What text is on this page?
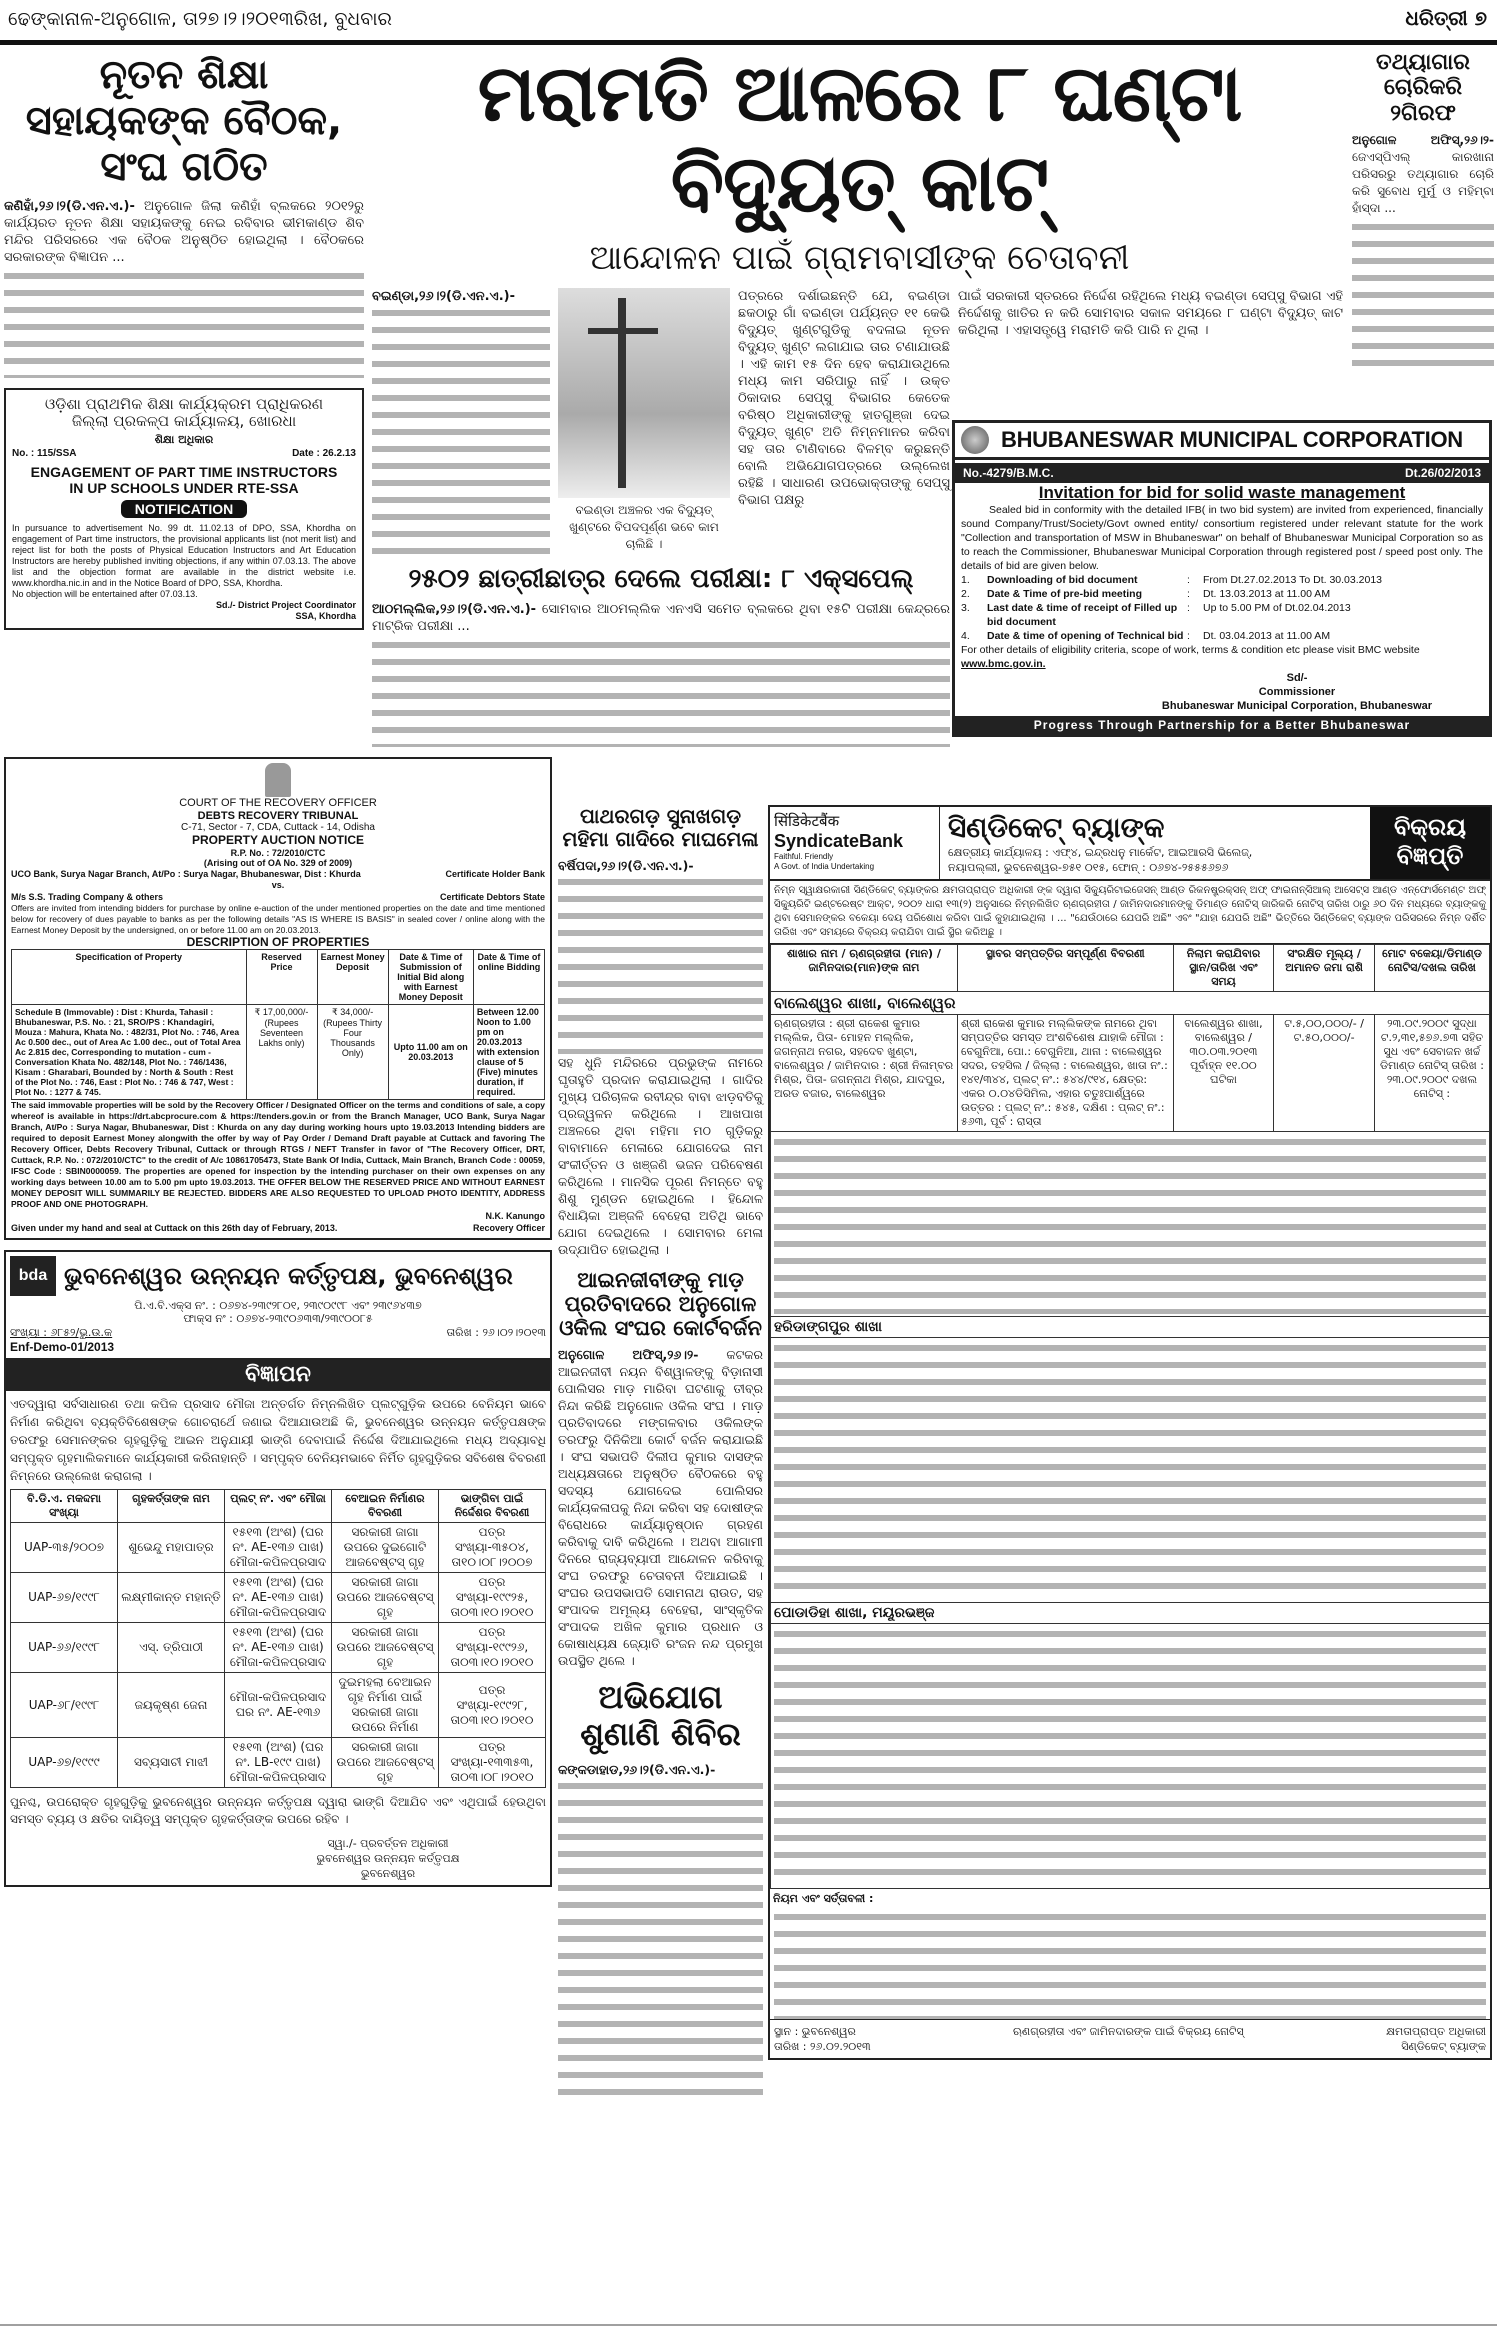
ଢେଙ୍କାନାଳ-ଅନୁଗୋଳ, ତା୨୭।୨।୨୦୧୩ରିଖ, ବୁଧବାର	ଧରିତ୍ରୀ ୭
ନୂତନ ଶିକ୍ଷା ସହାୟକଙ୍କ ବୈଠକ, ସଂଘ ଗଠିତ
କଣିହାଁ,୨୬।୨(ଡି.ଏନ.ଏ.)- ଅନୁଗୋଳ ଜିଲା କଣିହାଁ ବ୍ଲକରେ ୨୦୧୨ରୁ କାର୍ଯ୍ୟରତ ନୂତନ ଶିକ୍ଷା ସହାୟକଙ୍କୁ ନେଇ ରବିବାର ଭୀମକାଣ୍ଡ ଶିବ ମନ୍ଦିର ପରିସରରେ ଏକ ବୈଠକ ଅନୁଷ୍ଠିତ ହୋଇଥିଲା । ବୈଠକରେ ସରକାରଙ୍କ ବିଜ୍ଞାପନ ...
ଓଡ଼ିଶା ପ୍ରାଥମିକ ଶିକ୍ଷା କାର୍ଯ୍ୟକ୍ରମ ପ୍ରାଧିକରଣ
ଜିଲ୍ଲା ପ୍ରକଳ୍ପ କାର୍ଯ୍ୟାଳୟ, ଖୋରଧା
ଶିକ୍ଷା ଅଧିକାର
No. : 115/SSA	Date : 26.2.13
ENGAGEMENT OF PART TIME INSTRUCTORS
IN UP SCHOOLS UNDER RTE-SSA
NOTIFICATION
In pursuance to advertisement No. 99 dt. 11.02.13 of DPO, SSA, Khordha on engagement of Part time instructors, the provisional applicants list (not merit list) and reject list for both the posts of Physical Education Instructors and Art Education Instructors are hereby published inviting objections, if any within 07.03.13. The above list and the objection format are available in the district website i.e. www.khordha.nic.in and in the Notice Board of DPO, SSA, Khordha.
No objection will be entertained after 07.03.13.
Sd./- District Project Coordinator
SSA, Khordha
ମରାମତି ଆଳରେ ୮ ଘଣ୍ଟା ବିଦ୍ୟୁତ୍ କାଟ୍
ଆନ୍ଦୋଳନ ପାଇଁ ଗ୍ରାମବାସୀଙ୍କ ଚେତାବନୀ
ବଇଣ୍ଡା,୨୬।୨(ଡି.ଏନ.ଏ.)-
ବଇଣ୍ଡା ଅଞ୍ଚଳର ଏକ ବିଦ୍ୟୁତ୍ ଖୁଣ୍ଟରେ ବିପଦପୂର୍ଣ୍ଣ ଭବେ କାମ ଚାଲିଛି ।
ପତ୍ରରେ ଦର୍ଶାଇଛନ୍ତି ଯେ, ବଇଣ୍ଡା ଛକଠାରୁ ଗାଁ ବଇଣ୍ଡା ପର୍ଯ୍ୟନ୍ତ ୧୧ କେଭି ବିଦ୍ୟୁତ୍ ଖୁଣ୍ଟଗୁଡିକୁ ବଦଳାଇ ନୂତନ ବିଦ୍ୟୁତ୍ ଖୁଣ୍ଟ ଲଗାଯାଇ ତାର ଟଣାଯାଉଛି । ଏହି କାମ ୧୫ ଦିନ ହେବ କରାଯାଉଥିଲେ ମଧ୍ୟ କାମ ସରିପାରୁ ନାହିଁ । ଉକ୍ତ ଠିକାଦାର ସେପ୍ସୁ ବିଭାଗର କେତେକ ବରିଷ୍ଠ ଅଧିକାରୀଙ୍କୁ ହାତଗୁଞ୍ଜା ଦେଇ ବିଦ୍ୟୁତ୍ ଖୁଣ୍ଟ ଅତି ନିମ୍ନମାନର କରିବା ସହ ତାର ଟାଣିବାରେ ବିଳମ୍ବ କରୁଛନ୍ତି ବୋଲି ଅଭିଯୋଗପତ୍ରରେ ଉଲ୍ଲେଖ ରହିଛି । ସାଧାରଣ ଉପଭୋକ୍ତାଙ୍କୁ ସେପ୍ସୁ ବିଭାଗ ପକ୍ଷରୁ
୨୫୦୨ ଛାତ୍ରୀଛାତ୍ର ଦେଲେ ପରୀକ୍ଷା: ୮ ଏକ୍ସପେଲ୍
ଆଠମଲ୍ଲିକ,୨୬।୨(ଡି.ଏନ.ଏ.)- ସୋମବାର ଆଠମଲ୍ଲିକ ଏନଏସି ସମେତ ବ୍ଲକରେ ଥିବା ୧୫ଟି ପରୀକ୍ଷା କେନ୍ଦ୍ରରେ ମାଟ୍ରିକ ପରୀକ୍ଷା ...
ପାଇଁ ସରକାରୀ ସ୍ତରରେ ନିର୍ଦ୍ଦେଶ ରହିଥିଲେ ମଧ୍ୟ ବଇଣ୍ଡା ସେପ୍ସୁ ବିଭାଗ ଏହି ନିର୍ଦ୍ଦେଶକୁ ଖାତିର ନ କରି ସୋମବାର ସକାଳ ସମୟରେ ୮ ଘଣ୍ଟା ବିଦ୍ୟୁତ୍ କାଟ କରିଥିଲା । ଏହାସତ୍ତ୍ୱେ ମରାମତି କରି ପାରି ନ ଥିଲା ।
ତଥ୍ୟାଗାର ଚୋରିକରି ୨ଗିରଫ
ଅନୁଗୋଳ ଅଫିସ୍,୨୬।୨- ଜେଏସ୍‌ପିଏଲ୍ କାରଖାନା ପରିସରରୁ ତଥ୍ୟାଗାର ଚୋରି କରି ସୁବୋଧ ମୁର୍ମୁ ଓ ମହିମ୍ବା ହାଁସ୍‌ଦା ...
BHUBANESWAR MUNICIPAL CORPORATION
No.-4279/B.M.C.	Dt.26/02/2013
Invitation for bid for solid waste management
Sealed bid in conformity with the detailed IFB( in two bid system) are invited from experienced, financially sound Company/Trust/Society/Govt owned entity/ consortium registered under relevant statute for the work "Collection and transportation of MSW in Bhubaneswar" on behalf of Bhubaneswar Municipal Corporation so as to reach the Commissioner, Bhubaneswar Municipal Corporation through registered post / speed post only. The details of bid are given below.
1.	Downloading of bid document	:	From Dt.27.02.2013 To Dt. 30.03.2013
2.	Date & Time of pre-bid meeting	:	Dt. 13.03.2013 at 11.00 AM
3.	Last date & time of receipt of Filled up bid document
:	Up to 5.00 PM of Dt.02.04.2013
4.	Date & time of opening of Technical bid :	Dt. 03.04.2013 at 11.00 AM
For other details of eligibility criteria, scope of work, terms & condition etc please visit BMC website www.bmc.gov.in.
Sd/-
Commissioner
Bhubaneswar Municipal Corporation, Bhubaneswar
Progress Through Partnership for a Better Bhubaneswar
COURT OF THE RECOVERY OFFICER
DEBTS RECOVERY TRIBUNAL
C-71, Sector - 7, CDA, Cuttack - 14, Odisha
PROPERTY AUCTION NOTICE
R.P. No. : 72/2010/CTC
(Arising out of OA No. 329 of 2009)
UCO Bank, Surya Nagar Branch, At/Po : Surya Nagar, Bhubaneswar, Dist : Khurda	Certificate Holder Bank
vs.
M/s S.S. Trading Company & others	Certificate Debtors State
Offers are invited from intending bidders for purchase by online e-auction of the under mentioned properties on the date and time mentioned below for recovery of dues payable to banks as per the following details "AS IS WHERE IS BASIS" in sealed cover / online along with the Earnest Money Deposit by the undersigned, on or before 11.00 am on 20.03.2013.
DESCRIPTION OF PROPERTIES
Specification of Property	Reserved Price	Earnest Money Deposit	Date & Time of Submission of Initial Bid along with Earnest Money Deposit	Date & Time of online Bidding
Schedule B (Immovable) : Dist : Khurda, Tahasil : Bhubaneswar, P.S. No. : 21, SRO/PS : Khandagiri, Mouza : Mahura, Khata No. : 482/31, Plot No. : 746, Area Ac 0.500 dec., out of Area Ac 1.00 dec., out of Total Area Ac 2.815 dec, Corresponding to mutation - cum - Conversation Khata No. 482/148, Plot No. : 746/1436, Kisam : Gharabari, Bounded by : North & South : Rest of the Plot No. : 746, East : Plot No. : 746 & 747, West : Plot No. : 1277 & 745.	₹ 17,00,000/- (Rupees Seventeen Lakhs only)	₹ 34,000/- (Rupees Thirty Four Thousands Only)	Upto 11.00 am on 20.03.2013	Between 12.00 Noon to 1.00 pm on 20.03.2013 with extension clause of 5 (Five) minutes duration, if required.
The said immovable properties will be sold by the Recovery Officer / Designated Officer on the terms and conditions of sale, a copy whereof is available in https://drt.abcprocure.com & https://tenders.gov.in or from the Branch Manager, UCO Bank, Surya Nagar Branch, At/Po : Surya Nagar, Bhubaneswar, Dist : Khurda on any day during working hours upto 19.03.2013 Intending bidders are required to deposit Earnest Money alongwith the offer by way of Pay Order / Demand Draft payable at Cuttack and favoring The Recovery Officer, Debts Recovery Tribunal, Cuttack or through RTGS / NEFT Transfer in favor of "The Recovery Officer, DRT, Cuttack, R.P. No. : 072/2010/CTC" to the credit of A/c 10861705473, State Bank Of India, Cuttack, Main Branch, Branch Code : 00059, IFSC Code : SBIN0000059. The properties are opened for inspection by the intending purchaser on their own expenses on any working days between 10.00 am to 5.00 pm upto 19.03.2013. THE OFFER BELOW THE RESERVED PRICE AND WITHOUT EARNEST MONEY DEPOSIT WILL SUMMARILY BE REJECTED. BIDDERS ARE ALSO REQUESTED TO UPLOAD PHOTO IDENTITY, ADDRESS PROOF AND ONE PHOTOGRAPH.
Given under my hand and seal at Cuttack on this 26th day of February, 2013.
N.K. Kanungo
Recovery Officer
ପାଥରଗଡ଼ ସୁନାଖଗଡ଼ ମହିମା ଗାଦିରେ ମାଘମେଳା
ବର୍ଷିପଦା,୨୬।୨(ଡି.ଏନ.ଏ.)-
ସହ ଧୁନି ମନ୍ଦିରରେ ପ୍ରଭୁଙ୍କ ନାମରେ ଘୃତାହୁତି ପ୍ରଦାନ କରାଯାଇଥିଲା । ଗାଦିର ମୁଖ୍ୟ ପରିଚାଳକ ରବୀନ୍ଦ୍ର ବାବା ଝାଡ଼ବତିକୁ ପ୍ରଜ୍ୱଳନ କରିଥିଲେ । ଆଖପାଖ ଅଞ୍ଚଳରେ ଥିବା ମହିମା ମଠ ଗୁଡ଼ିକରୁ ବାବାମାନେ ମେଳାରେ ଯୋଗଦେଇ ନାମ ସଂକୀର୍ତ୍ତନ ଓ ଖଞ୍ଜଣି ଭଜନ ପରିବେଷଣ କରିଥିଲେ । ମାନସିକ ପୂରଣ ନିମନ୍ତେ ବହୁ ଶିଶୁ ମୁଣ୍ଡନ ହୋଇଥିଲେ । ହିନ୍ଦୋଳ ବିଧାୟିକା ଅଞ୍ଜଳି ବେହେରା ଅତିଥି ଭାବେ ଯୋଗ ଦେଇଥିଲେ । ସୋମବାର ମେଳା ଉଦ୍‌ଯାପିତ ହୋଇଥିଲା ।
ଆଇନଜୀବୀଙ୍କୁ ମାଡ଼ ପ୍ରତିବାଦରେ ଅନୁଗୋଳ ଓକିଲ ସଂଘର କୋର୍ଟବର୍ଜନ
ଅନୁଗୋଳ ଅଫିସ୍,୨୬।୨- କଟକର ଆଇନଜୀବୀ ନୟନ ବିଶ୍ୱାଳଙ୍କୁ ବିଡ଼ାନାସୀ ପୋଲିସର ମାଡ଼ ମାରିବା ଘଟଣାକୁ ତୀବ୍ର ନିନ୍ଦା କରିଛି ଅନୁଗୋଳ ଓକିଲ ସଂଘ । ମାଡ଼ ପ୍ରତିବାଦରେ ମଙ୍ଗଳବାର ଓକିଲଙ୍କ ତରଫରୁ ଦିନିକିଆ କୋର୍ଟ ବର୍ଜନ କରାଯାଇଛି । ସଂଘ ସଭାପତି ଦିଲୀପ କୁମାର ଦାସଙ୍କ ଅଧ୍ୟକ୍ଷତାରେ ଅନୁଷ୍ଠିତ ବୈଠକରେ ବହୁ ସଦସ୍ୟ ଯୋଗଦେଇ ପୋଲିସର କାର୍ଯ୍ୟକଳାପକୁ ନିନ୍ଦା କରିବା ସହ ଦୋଷୀଙ୍କ ବିରୋଧରେ କାର୍ଯ୍ୟାନୁଷ୍ଠାନ ଗ୍ରହଣ କରିବାକୁ ଦାବି କରିଥିଲେ । ଅଥବା ଆଗାମୀ ଦିନରେ ରାଜ୍ୟବ୍ୟାପୀ ଆନ୍ଦୋଳନ କରିବାକୁ ସଂଘ ତରଫରୁ ଚେତାବନୀ ଦିଆଯାଇଛି । ସଂଘର ଉପସଭାପତି ସୋମନାଥ ରାଉତ, ସହ ସଂପାଦକ ଅମୂଲ୍ୟ ବେହେରା, ସାଂସ୍କୃତିକ ସଂପାଦକ ଅଖିଳ କୁମାର ପ୍ରଧାନ ଓ କୋଷାଧ୍ୟକ୍ଷ ଜ୍ୟୋତି ରଂଜନ ନନ୍ଦ ପ୍ରମୁଖ ଉପସ୍ଥିତ ଥିଲେ ।
ଅଭିଯୋଗ ଶୁଣାଣି ଶିବିର
କଙ୍କଡାହାଡ,୨୬।୨(ଡି.ଏନ.ଏ.)-
bda ଭୁବନେଶ୍ୱର ଉନ୍ନୟନ କର୍ତ୍ତୃପକ୍ଷ, ଭୁବନେଶ୍ୱର
ପି.ଏ.ବି.ଏକ୍ସ ନଂ. : ୦୬୭୪-୨୩୯୨୮୦୧, ୨୩୯୦୯୯୮ ଏବଂ ୨୩୯୬୪୩୭
ଫାକ୍ସ ନଂ : ୦୬୭୪-୨୩୯୦୬୩୩/୨୩୯୦୦୮୫
ସଂଖ୍ୟା : ୬୮୫୨/ଭୁ.ଉ.କ	ତାରିଖ : ୨୬।୦୨।୨୦୧୩
Enf-Demo-01/2013
ବିଜ୍ଞାପନ
ଏତଦ୍ୱାରା ସର୍ବସାଧାରଣ ତଥା କପିଳ ପ୍ରସାଦ ମୌଜା ଅନ୍ତର୍ଗତ ନିମ୍ନଲିଖିତ ପ୍ଲଟ୍‌ଗୁଡ଼ିକ ଉପରେ ବେନିୟମ ଭାବେ ନିର୍ମାଣ କରିଥିବା ବ୍ୟକ୍ତିବିଶେଷଙ୍କ ଗୋଚରାର୍ଥେ ଜଣାଇ ଦିଆଯାଉଅଛି କି, ଭୁବନେଶ୍ୱର ଉନ୍ନୟନ କର୍ତ୍ତୃପକ୍ଷଙ୍କ ତରଫରୁ ସେମାନଙ୍କର ଗୃହଗୁଡ଼ିକୁ ଆଇନ ଅନୁଯାୟୀ ଭାଙ୍ଗି ଦେବାପାଇଁ ନିର୍ଦ୍ଦେଶ ଦିଆଯାଇଥିଲେ ମଧ୍ୟ ଅଦ୍ୟାବଧି ସମ୍ପୃକ୍ତ ଗୃହମାଲିକମାନେ କାର୍ଯ୍ୟକାରୀ କରିନାହାନ୍ତି । ସମ୍ପୃକ୍ତ ବେନିୟମଭାବେ ନିର୍ମିତ ଗୃହଗୁଡ଼ିକର ସବିଶେଷ ବିବରଣୀ ନିମ୍ନରେ ଉଲ୍ଲେଖ କରାଗଲା ।
ବି.ଡି.ଏ. ମକଦ୍ଦମା ସଂଖ୍ୟା	ଗୃହକର୍ତ୍ତାଙ୍କ ନାମ	ପ୍ଲଟ୍ ନଂ. ଏବଂ ମୌଜା	ବେଆଇନ ନିର୍ମାଣର ବିବରଣୀ	ଭାଙ୍ଗିବା ପାଇଁ ନିର୍ଦ୍ଦେଶର ବିବରଣୀ
UAP-୩୫/୨୦୦୭	ଶୁଭେନ୍ଦୁ ମହାପାତ୍ର	୧୫୧୩ (ଅଂଶ) (ଘର ନଂ. AE-୧୩୬ ପାଖ) ମୌଜା-କପିଳପ୍ରସାଦ	ସରକାରୀ ଜାଗା ଉପରେ ଦୁଇଗୋଟି ଆଜବେଷ୍ଟସ୍ ଗୃହ	ପତ୍ର ସଂଖ୍ୟା-୩୫୦୪, ତା୧୦।୦୮।୨୦୦୭
UAP-୬୭/୧୯୯୮	ଲକ୍ଷ୍ମୀକାନ୍ତ ମହାନ୍ତି	୧୫୧୩ (ଅଂଶ) (ଘର ନଂ. AE-୧୩୬ ପାଖ) ମୌଜା-କପିଳପ୍ରସାଦ	ସରକାରୀ ଜାଗା ଉପରେ ଆଜବେଷ୍ଟସ୍ ଗୃହ	ପତ୍ର ସଂଖ୍ୟା-୧୯୯୨୫, ତା୦୩।୧୦।୨୦୧୦
UAP-୬୬/୧୯୯୮	ଏସ୍. ତ୍ରିପାଠୀ	୧୫୧୩ (ଅଂଶ) (ଘର ନଂ. AE-୧୩୬ ପାଖ) ମୌଜା-କପିଳପ୍ରସାଦ	ସରକାରୀ ଜାଗା ଉପରେ ଆଜବେଷ୍ଟସ୍ ଗୃହ	ପତ୍ର ସଂଖ୍ୟା-୧୯୯୨୬, ତା୦୩।୧୦।୨୦୧୦
UAP-୬୮/୧୯୯୮	ଜୟକୃଷ୍ଣ ଜେନା	ମୌଜା-କପିଳପ୍ରସାଦ ଘର ନଂ. AE-୧୩୬	ଦୁଇମହଲା ବେଆଇନ ଗୃହ ନିର୍ମାଣ ପାଇଁ ସରକାରୀ ଜାଗା ଉପରେ ନିର୍ମାଣ	ପତ୍ର ସଂଖ୍ୟା-୧୯୯୨୮, ତା୦୩।୧୦।୨୦୧୦
UAP-୬୭/୧୯୯୯	ସବ୍ୟସାଚୀ ମାଝୀ	୧୫୧୩ (ଅଂଶ) (ଘର ନଂ. LB-୧୯୯ ପାଖ) ମୌଜା-କପିଳପ୍ରସାଦ	ସରକାରୀ ଜାଗା ଉପରେ ଆଜବେଷ୍ଟସ୍ ଗୃହ	ପତ୍ର ସଂଖ୍ୟା-୧୩୩୫୩, ତା୦୩।୦୮।୨୦୧୦
ପୁନଶ୍ଚ, ଉପରୋକ୍ତ ଗୃହଗୁଡ଼ିକୁ ଭୁବନେଶ୍ୱର ଉନ୍ନୟନ କର୍ତ୍ତୃପକ୍ଷ ଦ୍ୱାରା ଭାଙ୍ଗି ଦିଆଯିବ ଏବଂ ଏଥିପାଇଁ ହେଉଥିବା ସମସ୍ତ ବ୍ୟୟ ଓ କ୍ଷତିର ଦାୟିତ୍ୱ ସମ୍ପୃକ୍ତ ଗୃହକର୍ତ୍ତାଙ୍କ ଉପରେ ରହିବ ।
ସ୍ୱା./- ପ୍ରବର୍ତ୍ତନ ଅଧିକାରୀ
ଭୁବନେଶ୍ୱର ଉନ୍ନୟନ କର୍ତ୍ତୃପକ୍ଷ
ଭୁବନେଶ୍ୱର
सिंडिकेटबैंक
SyndicateBank
Faithful. Friendly
A Govt. of India Undertaking
ସିଣ୍ଡିକେଟ୍ ବ୍ୟାଙ୍କ
କ୍ଷେତ୍ରୀୟ କାର୍ଯ୍ୟାଳୟ : ଏଫ୍‌୪, ଇନ୍ଦ୍ରଧନୁ ମାର୍କେଟ, ଆଇଆରସି ଭିଲେଜ୍,
ନୟାପଲ୍ଲୀ, ଭୁବନେଶ୍ୱର-୭୫୧ ୦୧୫, ଫୋନ୍ : ୦୬୭୪-୨୫୫୫୬୭୬
ବିକ୍ରୟ ବିଜ୍ଞପ୍ତି
ନିମ୍ନ ସ୍ୱାକ୍ଷରକାରୀ ସିଣ୍ଡିକେଟ୍ ବ୍ୟାଙ୍କର କ୍ଷମତାପ୍ରାପ୍ତ ଅଧିକାରୀ ଙ୍କ ଦ୍ୱାରା ସିକ୍ୟୁରିଟାଇଜେସନ୍ ଆଣ୍ଡ ରିକନଷ୍ଟ୍ରକ୍‌ସନ୍ ଅଫ୍ ଫାଇନାନ୍‌ସିଆଲ୍ ଆସେଟ୍ସ ଆଣ୍ଡ ଏନ୍‌ଫୋର୍ସମେଣ୍ଟ ଅଫ୍ ସିକ୍ୟୁରିଟି ଇଣ୍ଟରେଷ୍ଟ ଆକ୍ଟ, ୨୦୦୨ ଧାରା ୧୩(୨) ଅନୁସାରେ ନିମ୍ନଲିଖିତ ଋଣଗ୍ରହୀତା / ଜାମିନଦାରମାନଙ୍କୁ ଡିମାଣ୍ଡ ନୋଟିସ୍ ଜାରିକରି ନୋଟିସ୍ ତାରିଖ ଠାରୁ ୬୦ ଦିନ ମଧ୍ୟରେ ବ୍ୟାଙ୍କକୁ ଥିବା ସେମାନଙ୍କର ବକେୟା ଦେୟ ପରିଶୋଧ କରିବା ପାଇଁ କୁହାଯାଇଥିଲା । ... "ଯେଉଁଠାରେ ଯେପରି ଅଛି" ଏବଂ "ଯାହା ଯେପରି ଅଛି" ଭିତ୍ତିରେ ସିଣ୍ଡିକେଟ୍ ବ୍ୟାଙ୍କ ପରିସରରେ ନିମ୍ନ ଦର୍ଶିତ ତାରିଖ ଏବଂ ସମୟରେ ବିକ୍ରୟ କରାଯିବା ପାଇଁ ସ୍ଥିର କରିଅଛୁ ।
ଶାଖାର ନାମ / ଋଣଗ୍ରହୀତା (ମାନ) / ଜାମିନଦାର(ମାନ)ଙ୍କ ନାମ	ସ୍ଥାବର ସମ୍ପତ୍ତିର ସମ୍ପୂର୍ଣ୍ଣ ବିବରଣୀ	ନିଲାମ କରାଯିବାର ସ୍ଥାନ/ତାରିଖ ଏବଂ ସମୟ	ସଂରକ୍ଷିତ ମୂଲ୍ୟ / ଅମାନତ ଜମା ରାଶି	ମୋଟ ବକେୟା/ଡିମାଣ୍ଡ ନୋଟିସ/ଦଖଲ ତାରିଖ
ବାଲେଶ୍ୱର ଶାଖା, ବାଲେଶ୍ୱର				
ଋଣଗ୍ରହୀତା : ଶ୍ରୀ ରାକେଶ କୁମାର ମଲ୍ଲିକ, ପିତା- ମୋହନ ମଲ୍ଲିକ, ଜଗନ୍ନାଥ ନଗର, ସହଦେବ ଖୁଣ୍ଟା, ବାଲେଶ୍ୱର / ଜାମିନଦାର : ଶ୍ରୀ ନିଳାମ୍ବର ମିଶ୍ର, ପିତା- ଜଗନ୍ନାଥ ମିଶ୍ର, ଯାଦପୁର, ଅରଡ ବଜାର, ବାଲେଶ୍ୱର	ଶ୍ରୀ ରାକେଶ କୁମାର ମଲ୍ଲିକଙ୍କ ନାମରେ ଥିବା ସମ୍ପତ୍ତିର ସମସ୍ତ ଅଂଶବିଶେଷ ଯାହାକି ମୌଜା : ବେଗୁନିଆ, ପୋ.: ବେଗୁନିଆ, ଥାନା : ବାଲେଶ୍ୱର ସଦର, ତହସିଲ / ଜିଲ୍ଲା : ବାଲେଶ୍ୱର, ଖାତା ନଂ.: ୧୪୧/୩୪୪, ପ୍ଲଟ୍ ନଂ.: ୫୪୪/୯୧୪, କ୍ଷେତ୍ର: ଏକର ୦.୦୪ଡିସିମିଲ, ଏହାର ଚତୁଃପାର୍ଶ୍ୱରେ ଉତ୍ତର : ପ୍ଲଟ୍ ନଂ.: ୫୪୫, ଦକ୍ଷିଣ : ପ୍ଲଟ୍ ନଂ.: ୫୬୩, ପୂର୍ବ : ରାସ୍ତା	ବାଲେଶ୍ୱର ଶାଖା, ବାଲେଶ୍ୱର / ୩୦.୦୩.୨୦୧୩ ପୂର୍ବାହ୍ନ ୧୧.୦୦ ଘଟିକା	ଟ.୫,୦୦,୦୦୦/- / ଟ.୫୦,୦୦୦/-	୨୩.୦୯.୨୦୦୯ ସୁଦ୍ଧା ଟ.୨,୩୧,୫୭୬.୭୩ ସହିତ ସୁଧ ଏବଂ ସେବାଜନ ଖର୍ଚ୍ଚ ଡିମାଣ୍ଡ ନୋଟିସ୍ ତାରିଖ : ୨୩.୦୯.୨୦୦୯ ଦଖଲ ନୋଟିସ୍ :

ହରିଡାଙ୍ଗପୁର ଶାଖା				

ପୋଡାଡିହା ଶାଖା, ମୟୂରଭଞ୍ଜ				

ନିୟମ ଏବଂ ସର୍ତ୍ତାବଳୀ :
ସ୍ଥାନ : ଭୁବନେଶ୍ୱର
ତାରିଖ : ୨୬.୦୨.୨୦୧୩
ଋଣଗ୍ରହୀତା ଏବଂ ଜାମିନଦାରଙ୍କ ପାଇଁ ବିକ୍ରୟ ନୋଟିସ୍	କ୍ଷମତାପ୍ରାପ୍ତ ଅଧିକାରୀ
ସିଣ୍ଡିକେଟ୍ ବ୍ୟାଙ୍କ
